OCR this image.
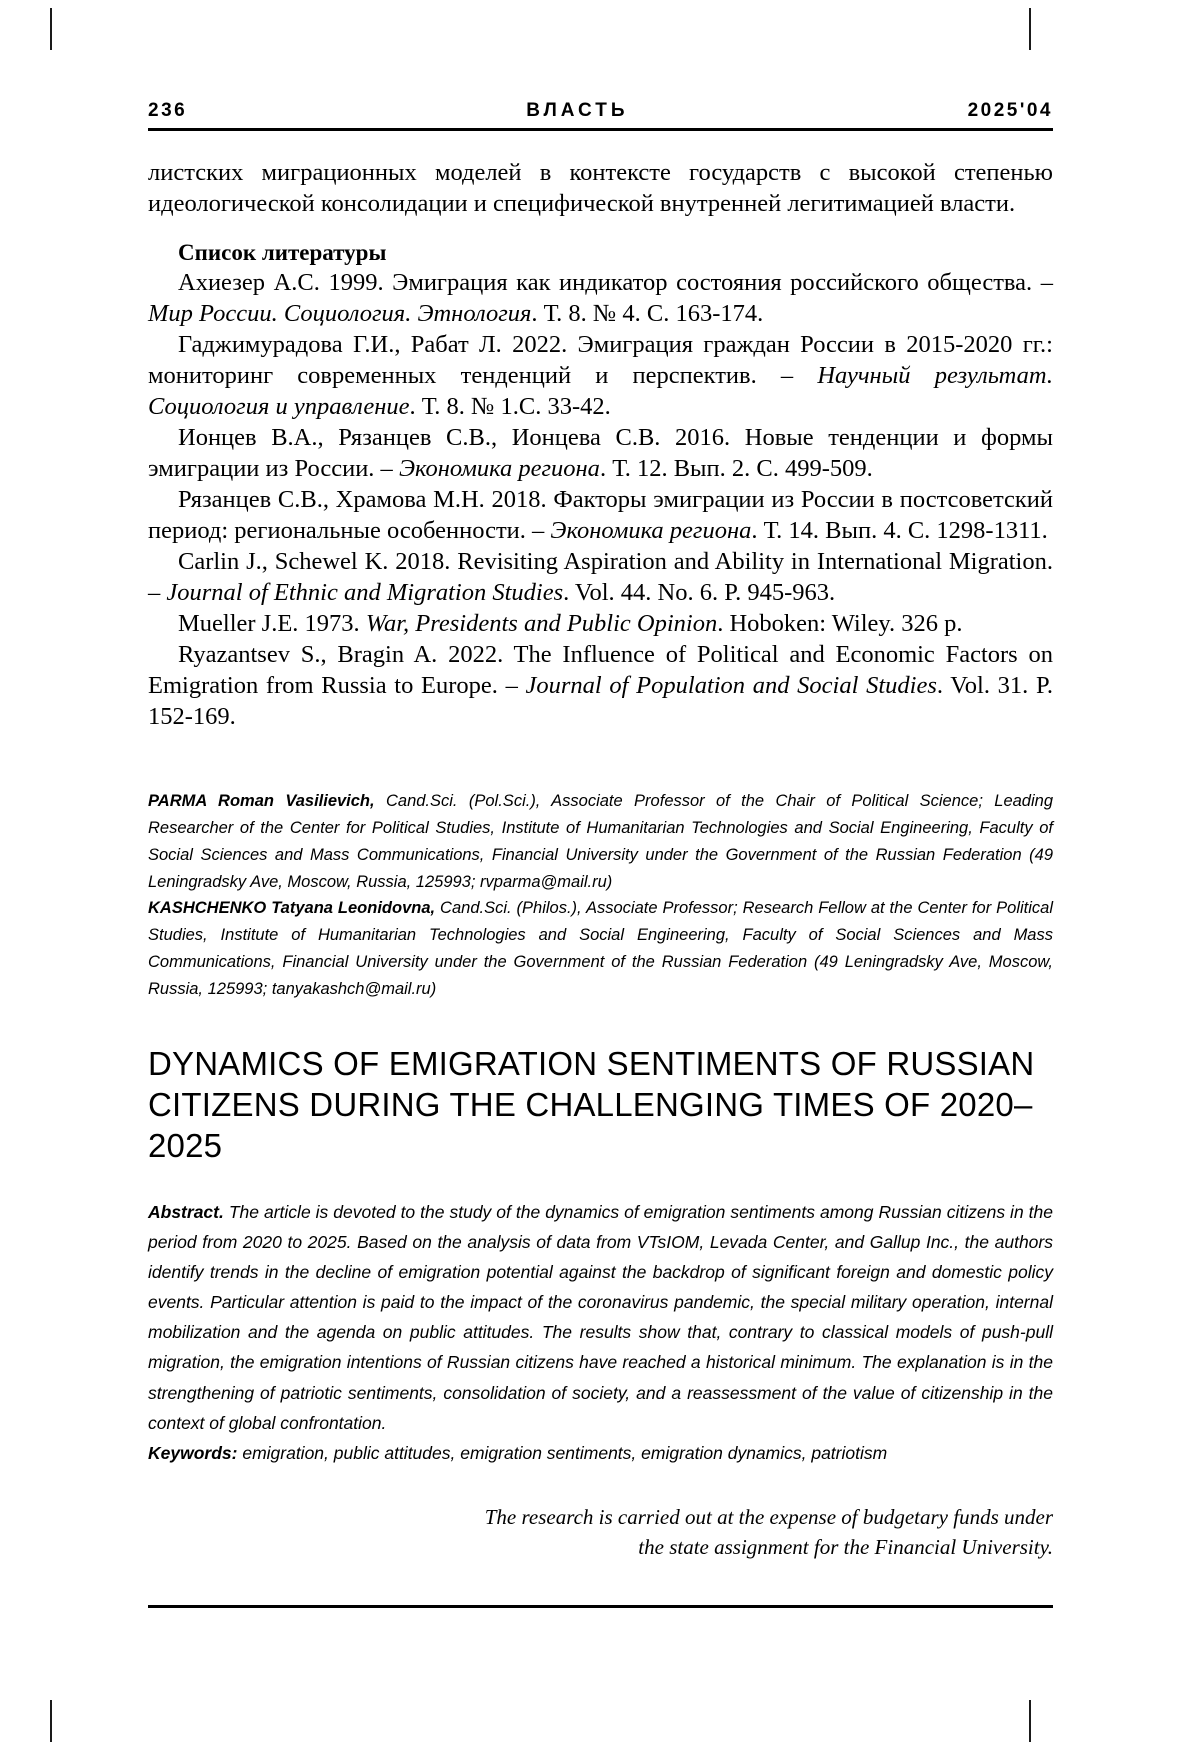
236	ВЛАСТЬ	2025'04

листских миграционных моделей в контексте государств с высокой степенью идеологической консолидации и специфической внутренней легитимацией власти.

Список литературы

Ахиезер А.С. 1999. Эмиграция как индикатор состояния российского общества. – Мир России. Социология. Этнология. Т. 8. № 4. С. 163-174.

Гаджимурадова Г.И., Рабат Л. 2022. Эмиграция граждан России в 2015-2020 гг.: мониторинг современных тенденций и перспектив. – Научный результат. Социология и управление. Т. 8. № 1.С. 33-42.

Ионцев В.А., Рязанцев С.В., Ионцева С.В. 2016. Новые тенденции и формы эмиграции из России. – Экономика региона. Т. 12. Вып. 2. С. 499-509.

Рязанцев С.В., Храмова М.Н. 2018. Факторы эмиграции из России в постсоветский период: региональные особенности. – Экономика региона. Т. 14. Вып. 4. С. 1298-1311.

Carlin J., Schewel K. 2018. Revisiting Aspiration and Ability in International Migration. – Journal of Ethnic and Migration Studies. Vol. 44. No. 6. P. 945-963.

Mueller J.E. 1973. War, Presidents and Public Opinion. Hoboken: Wiley. 326 p.

Ryazantsev S., Bragin A. 2022. The Influence of Political and Economic Factors on Emigration from Russia to Europe. – Journal of Population and Social Studies. Vol. 31. P. 152-169.

PARMA Roman Vasilievich, Cand.Sci. (Pol.Sci.), Associate Professor of the Chair of Political Science; Leading Researcher of the Center for Political Studies, Institute of Humanitarian Technologies and Social Engineering, Faculty of Social Sciences and Mass Communications, Financial University under the Government of the Russian Federation (49 Leningradsky Ave, Moscow, Russia, 125993; rvparma@mail.ru)

KASHCHENKO Tatyana Leonidovna, Cand.Sci. (Philos.), Associate Professor; Research Fellow at the Center for Political Studies, Institute of Humanitarian Technologies and Social Engineering, Faculty of Social Sciences and Mass Communications, Financial University under the Government of the Russian Federation (49 Leningradsky Ave, Moscow, Russia, 125993; tanyakashch@mail.ru)

DYNAMICS OF EMIGRATION SENTIMENTS OF RUSSIAN CITIZENS DURING THE CHALLENGING TIMES OF 2020–2025

Abstract. The article is devoted to the study of the dynamics of emigration sentiments among Russian citizens in the period from 2020 to 2025. Based on the analysis of data from VTsIOM, Levada Center, and Gallup Inc., the authors identify trends in the decline of emigration potential against the backdrop of significant foreign and domestic policy events. Particular attention is paid to the impact of the coronavirus pandemic, the special military operation, internal mobilization and the agenda on public attitudes. The results show that, contrary to classical models of push-pull migration, the emigration intentions of Russian citizens have reached a historical minimum. The explanation is in the strengthening of patriotic sentiments, consolidation of society, and a reassessment of the value of citizenship in the context of global confrontation.

Keywords: emigration, public attitudes, emigration sentiments, emigration dynamics, patriotism

The research is carried out at the expense of budgetary funds under the state assignment for the Financial University.
